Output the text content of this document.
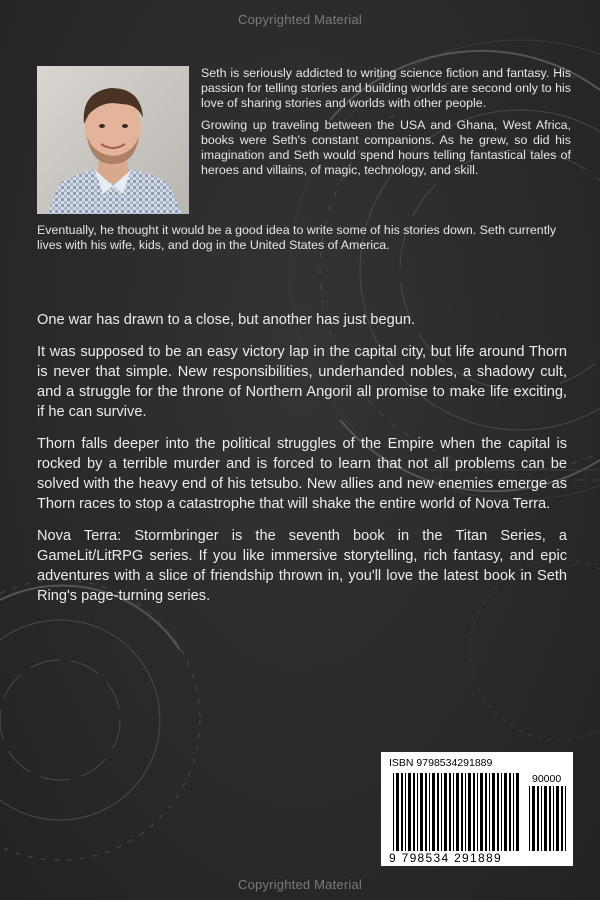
Copyrighted Material

Seth is seriously addicted to writing science fiction and fantasy. His passion for telling stories and building worlds are second only to his love of sharing stories and worlds with other people.

Growing up traveling between the USA and Ghana, West Africa, books were Seth's constant companions. As he grew, so did his imagination and Seth would spend hours telling fantastical tales of heroes and villains, of magic, technology, and skill.

Eventually, he thought it would be a good idea to write some of his stories down. Seth currently lives with his wife, kids, and dog in the United States of America.

One war has drawn to a close, but another has just begun.

It was supposed to be an easy victory lap in the capital city, but life around Thorn is never that simple. New responsibilities, underhanded nobles, a shadowy cult, and a struggle for the throne of Northern Angoril all promise to make life exciting, if he can survive.

Thorn falls deeper into the political struggles of the Empire when the capital is rocked by a terrible murder and is forced to learn that not all problems can be solved with the heavy end of his tetsubo. New allies and new enemies emerge as Thorn races to stop a catastrophe that will shake the entire world of Nova Terra.

Nova Terra: Stormbringer is the seventh book in the Titan Series, a GameLit/LitRPG series. If you like immersive storytelling, rich fantasy, and epic adventures with a slice of friendship thrown in, you'll love the latest book in Seth Ring's page-turning series.

ISBN 9798534291889
90000
9 798534 291889
Copyrighted Material
